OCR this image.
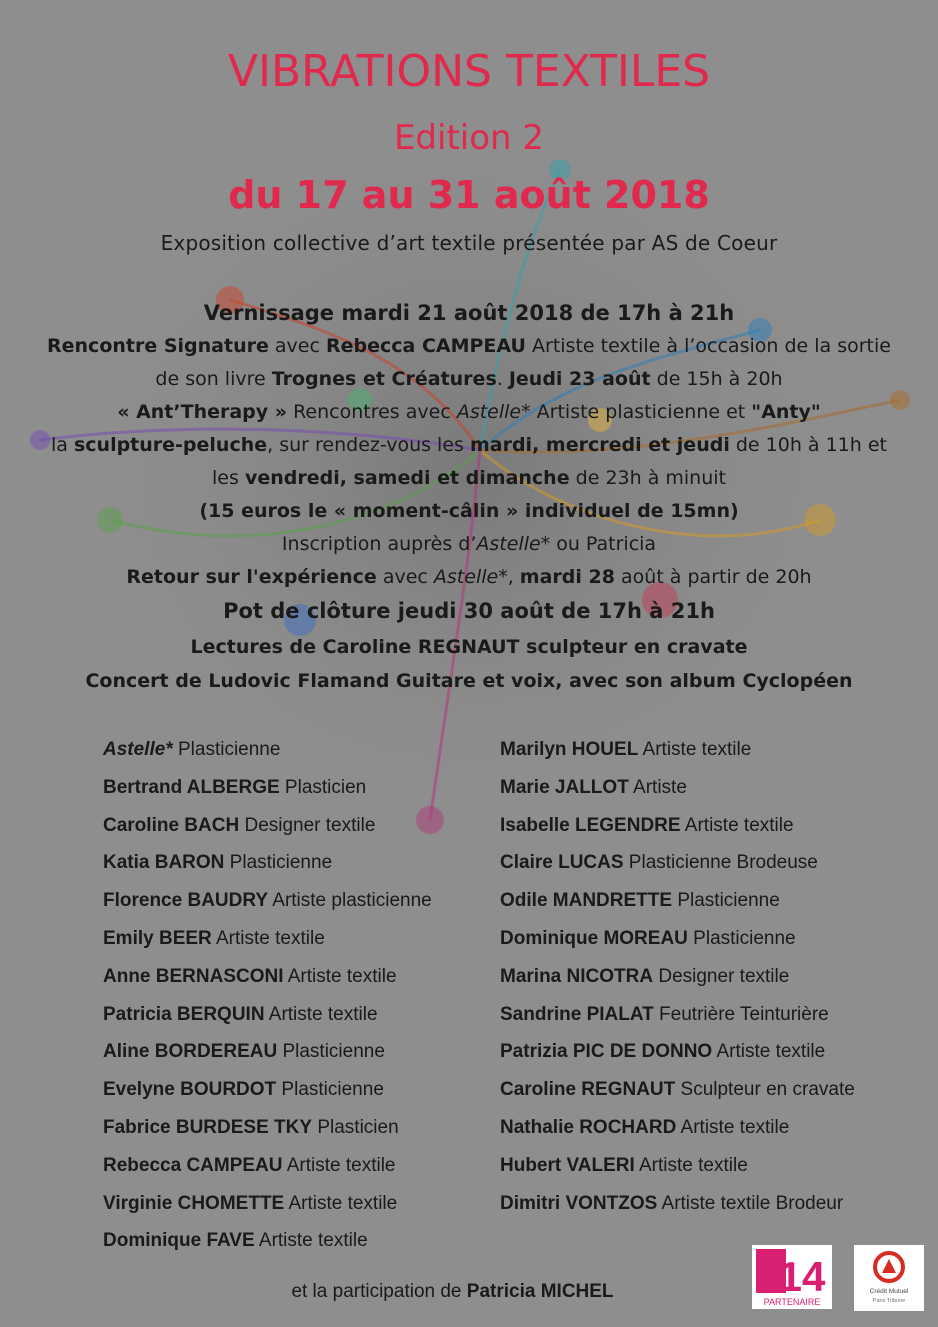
VIBRATIONS TEXTILES
Edition 2
du 17 au 31 août 2018
Exposition collective d’art textile présentée par AS de Coeur
Vernissage mardi 21 août 2018 de 17h à 21h
Rencontre Signature avec Rebecca CAMPEAU Artiste textile à l’occasion de la sortie
de son livre Trognes et Créatures. Jeudi 23 août de 15h à 20h
« Ant’Therapy » Rencontres avec Astelle* Artiste plasticienne et "Anty"
la sculpture-peluche, sur rendez-vous les mardi, mercredi et jeudi de 10h à 11h et
les vendredi, samedi et dimanche de 23h à minuit
(15 euros le « moment-câlin » individuel de 15mn)
Inscription auprès d’Astelle* ou Patricia
Retour sur l'expérience avec Astelle*, mardi 28 août à partir de 20h
Pot de clôture jeudi 30 août de 17h à 21h
Lectures de Caroline REGNAUT sculpteur en cravate
Concert de Ludovic Flamand Guitare et voix, avec son album Cyclopéen
Astelle* Plasticienne
Bertrand ALBERGE Plasticien
Caroline BACH Designer textile
Katia BARON Plasticienne
Florence BAUDRY Artiste plasticienne
Emily BEER Artiste textile
Anne BERNASCONI Artiste textile
Patricia BERQUIN Artiste textile
Aline BORDEREAU Plasticienne
Evelyne BOURDOT Plasticienne
Fabrice BURDESE TKY Plasticien
Rebecca CAMPEAU Artiste textile
Virginie CHOMETTE Artiste textile
Dominique FAVE Artiste textile
Marilyn HOUEL Artiste textile
Marie JALLOT Artiste
Isabelle LEGENDRE Artiste textile
Claire LUCAS Plasticienne Brodeuse
Odile MANDRETTE Plasticienne
Dominique MOREAU Plasticienne
Marina NICOTRA Designer textile
Sandrine PIALAT Feutrière Teinturière
Patrizia PIC DE DONNO Artiste textile
Caroline REGNAUT Sculpteur en cravate
Nathalie ROCHARD Artiste textile
Hubert VALERI Artiste textile
Dimitri VONTZOS Artiste textile Brodeur
et la participation de Patricia MICHEL	14
PARTENAIRE
Crédit Mutuel
Paris Tribune
